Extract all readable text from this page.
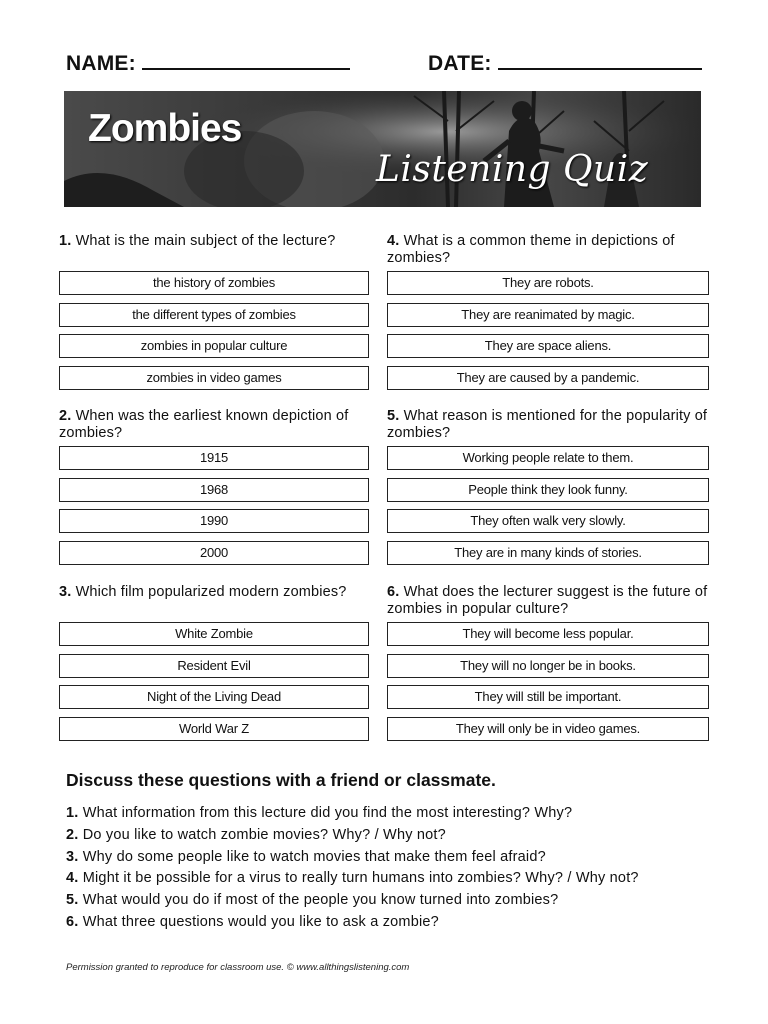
NAME:	DATE:
Zombies
Listening Quiz
1. What is the main subject of the lecture?
the history of zombies
the different types of zombies
zombies in popular culture
zombies in video games
2. When was the earliest known depiction of zombies?
1915
1968
1990
2000
3. Which film popularized modern zombies?
White Zombie
Resident Evil
Night of the Living Dead
World War Z
4. What is a common theme in depictions of zombies?
They are robots.
They are reanimated by magic.
They are space aliens.
They are caused by a pandemic.
5. What reason is mentioned for the popularity of zombies?
Working people relate to them.
People think they look funny.
They often walk very slowly.
They are in many kinds of stories.
6. What does the lecturer suggest is the future of zombies in popular culture?
They will become less popular.
They will no longer be in books.
They will still be important.
They will only be in video games.
Discuss these questions with a friend or classmate.
1. What information from this lecture did you find the most interesting? Why?
2. Do you like to watch zombie movies? Why? / Why not?
3. Why do some people like to watch movies that make them feel afraid?
4. Might it be possible for a virus to really turn humans into zombies? Why? / Why not?
5. What would you do if most of the people you know turned into zombies?
6. What three questions would you like to ask a zombie?
Permission granted to reproduce for classroom use. © www.allthingslistening.com
